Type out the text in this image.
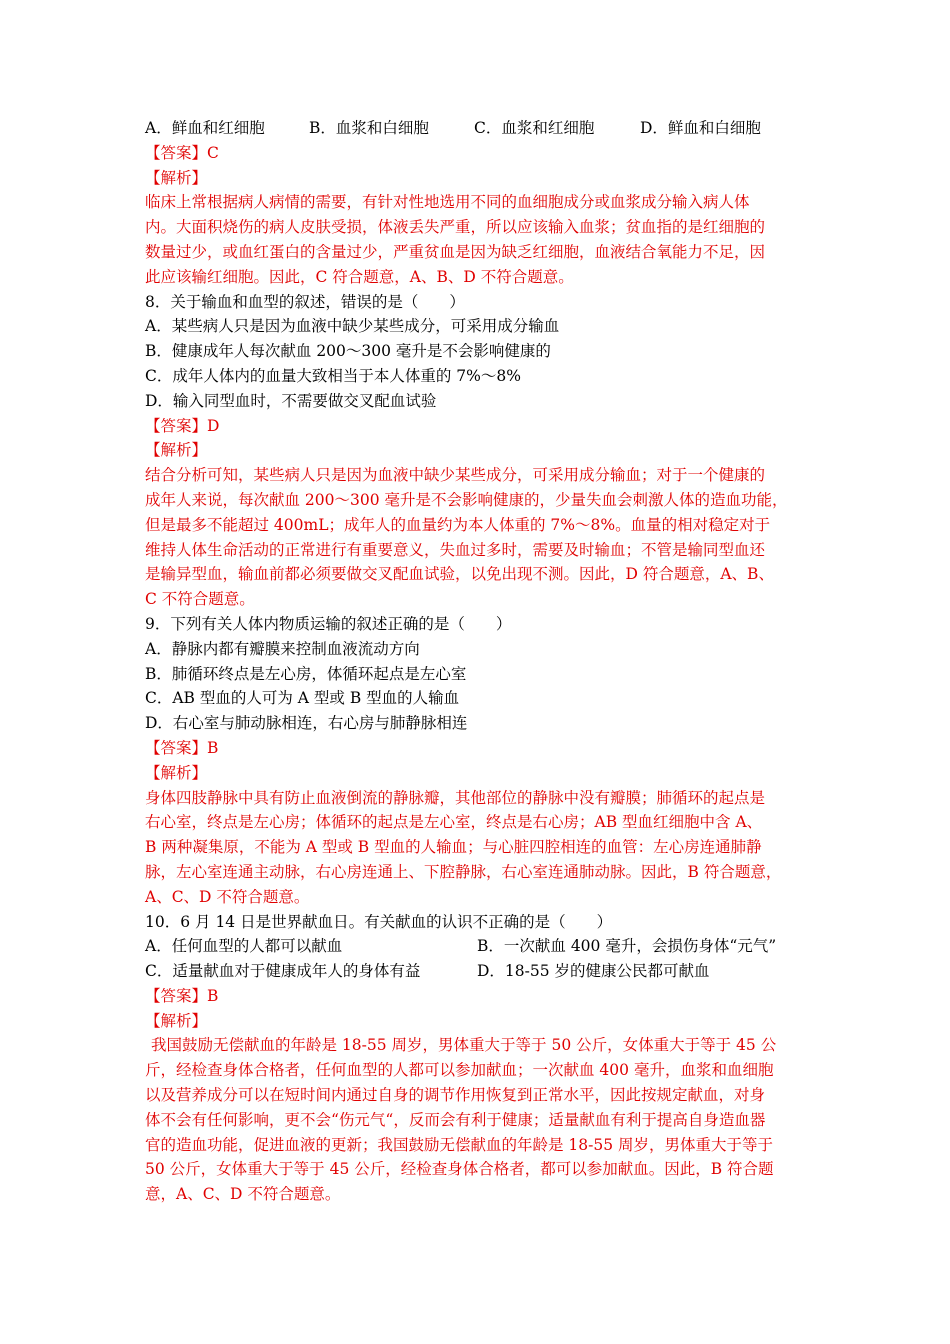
A．鲜血和红细胞	B．血浆和白细胞	C．血浆和红细胞	D．鲜血和白细胞
【答案】C
【解析】
临床上常根据病人病情的需要，有针对性地选用不同的血细胞成分或血浆成分输入病人体
内。大面积烧伤的病人皮肤受损，体液丢失严重，所以应该输入血浆；贫血指的是红细胞的
数量过少，或血红蛋白的含量过少，严重贫血是因为缺乏红细胞，血液结合氧能力不足，因
此应该输红细胞。因此，C 符合题意，A、B、D 不符合题意。
8．关于输血和血型的叙述，错误的是（　　）
A．某些病人只是因为血液中缺少某些成分，可采用成分输血
B．健康成年人每次献血 200～300 毫升是不会影响健康的
C．成年人体内的血量大致相当于本人体重的 7%～8%
D．输入同型血时，不需要做交叉配血试验
【答案】D
【解析】
结合分析可知，某些病人只是因为血液中缺少某些成分，可采用成分输血；对于一个健康的
成年人来说，每次献血 200～300 毫升是不会影响健康的，少量失血会刺激人体的造血功能，
但是最多不能超过 400mL；成年人的血量约为本人体重的 7%～8%。血量的相对稳定对于
维持人体生命活动的正常进行有重要意义，失血过多时，需要及时输血；不管是输同型血还
是输异型血，输血前都必须要做交叉配血试验，以免出现不测。因此，D 符合题意，A、B、
C 不符合题意。
9．下列有关人体内物质运输的叙述正确的是（　　）
A．静脉内都有瓣膜来控制血液流动方向
B．肺循环终点是左心房，体循环起点是左心室
C．AB 型血的人可为 A 型或 B 型血的人输血
D．右心室与肺动脉相连，右心房与肺静脉相连
【答案】B
【解析】
身体四肢静脉中具有防止血液倒流的静脉瓣，其他部位的静脉中没有瓣膜；肺循环的起点是
右心室，终点是左心房；体循环的起点是左心室，终点是右心房；AB 型血红细胞中含 A、
B 两种凝集原，不能为 A 型或 B 型血的人输血；与心脏四腔相连的血管：左心房连通肺静
脉，左心室连通主动脉，右心房连通上、下腔静脉，右心室连通肺动脉。因此，B 符合题意，
A、C、D 不符合题意。
10．6 月 14 日是世界献血日。有关献血的认识不正确的是（　　）
A．任何血型的人都可以献血	B．一次献血 400 毫升，会损伤身体“元气”
C．适量献血对于健康成年人的身体有益	D．18-55 岁的健康公民都可献血
【答案】B
【解析】
我国鼓励无偿献血的年龄是 18-55 周岁，男体重大于等于 50 公斤，女体重大于等于 45 公
斤，经检查身体合格者，任何血型的人都可以参加献血；一次献血 400 毫升，血浆和血细胞
以及营养成分可以在短时间内通过自身的调节作用恢复到正常水平，因此按规定献血，对身
体不会有任何影响，更不会“伤元气“，反而会有利于健康；适量献血有利于提高自身造血器
官的造血功能，促进血液的更新；我国鼓励无偿献血的年龄是 18-55 周岁，男体重大于等于
50 公斤，女体重大于等于 45 公斤，经检查身体合格者，都可以参加献血。因此，B 符合题
意，A、C、D 不符合题意。
